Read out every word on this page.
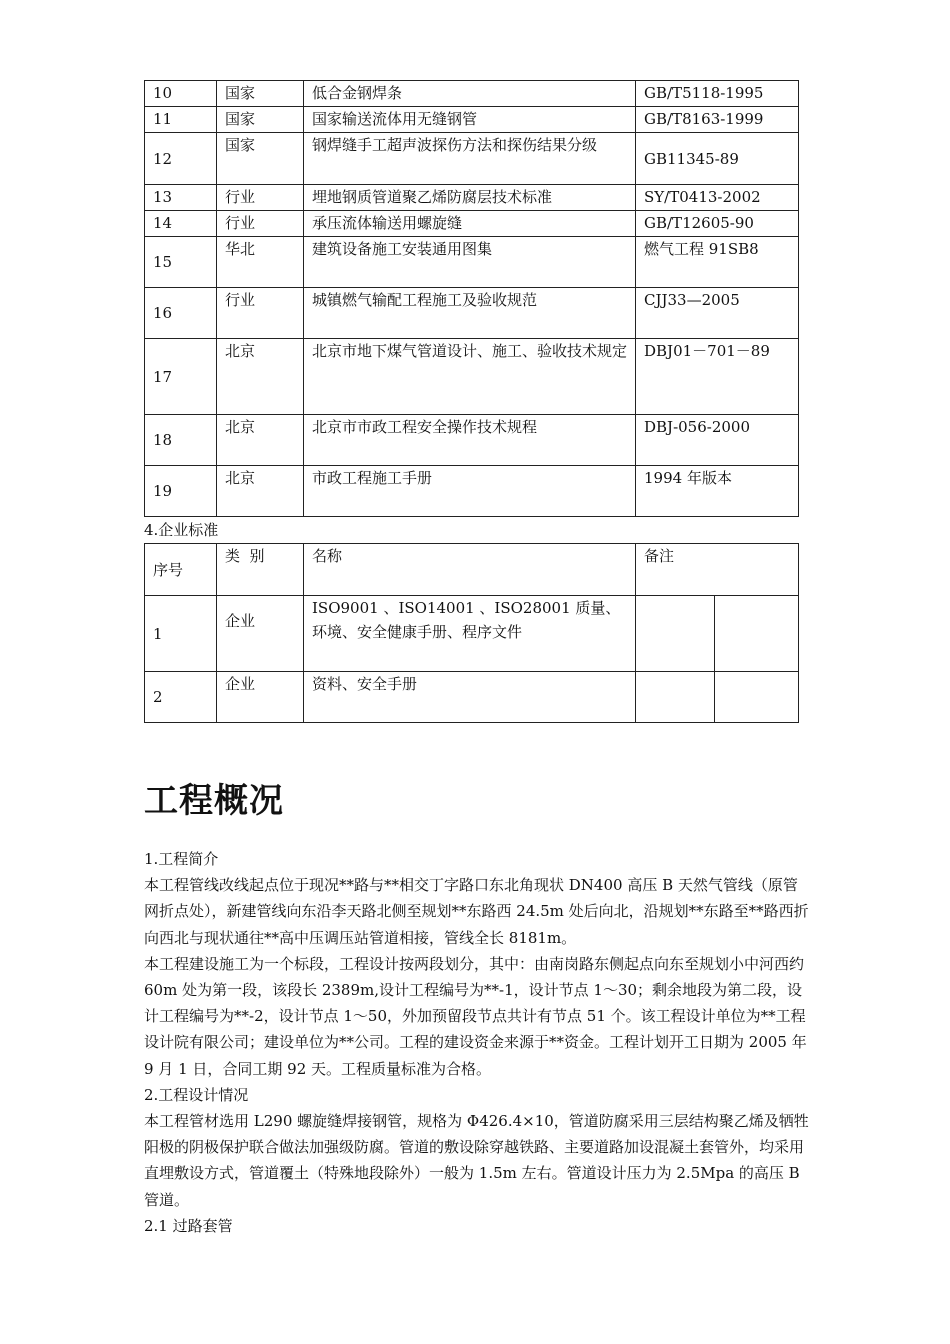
10	国家	低合金钢焊条	GB/T5118-1995
11	国家	国家输送流体用无缝钢管	GB/T8163-1999
12	国家	钢焊缝手工超声波探伤方法和探伤结果分级	GB11345-89
13	行业	埋地钢质管道聚乙烯防腐层技术标准	SY/T0413-2002
14	行业	承压流体输送用螺旋缝	GB/T12605-90
15	华北	建筑设备施工安装通用图集	燃气工程 91SB8
16	行业	城镇燃气输配工程施工及验收规范	CJJ33—2005
17	北京	北京市地下煤气管道设计、施工、验收技术规定	DBJ01－701－89
18	北京	北京市市政工程安全操作技术规程	DBJ-056-2000
19	北京	市政工程施工手册	1994 年版本
4.企业标准
序号	类  别	名称	备注	
1	企业	ISO9001 、ISO14001 、ISO28001 质量、环境、安全健康手册、程序文件		
2	企业	资料、安全手册		
工程概况

1.工程简介

本工程管线改线起点位于现况**路与**相交丁字路口东北角现状 DN400 高压 B 天然气管线（原管网折点处），新建管线向东沿李天路北侧至规划**东路西 24.5m 处后向北，沿规划**东路至**路西折向西北与现状通往**高中压调压站管道相接，管线全长 8181m。

本工程建设施工为一个标段，工程设计按两段划分，其中：由南岗路东侧起点向东至规划小中河西约 60m 处为第一段，该段长 2389m,设计工程编号为**-1，设计节点 1～30；剩余地段为第二段，设计工程编号为**-2，设计节点 1～50，外加预留段节点共计有节点 51 个。该工程设计单位为**工程设计院有限公司；建设单位为**公司。工程的建设资金来源于**资金。工程计划开工日期为 2005 年 9 月 1 日，合同工期 92 天。工程质量标准为合格。

2.工程设计情况

本工程管材选用 L290 螺旋缝焊接钢管，规格为 Φ426.4×10，管道防腐采用三层结构聚乙烯及牺牲阳极的阴极保护联合做法加强级防腐。管道的敷设除穿越铁路、主要道路加设混凝土套管外，均采用直埋敷设方式，管道覆土（特殊地段除外）一般为 1.5m 左右。管道设计压力为 2.5Mpa 的高压 B 管道。

2.1 过路套管
